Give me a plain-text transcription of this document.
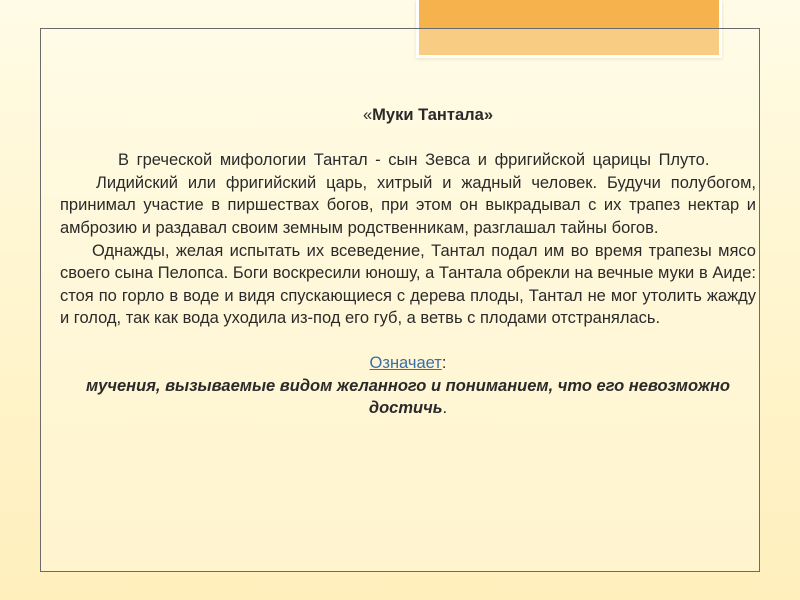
«Муки Тантала»

В греческой мифологии Тантал - сын Зевса и фригийской царицы Плуто.

Лидийский или фригийский царь, хитрый и жадный человек. Будучи полубогом, принимал участие в пиршествах богов, при этом он выкрадывал с их трапез нектар и амброзию и раздавал своим земным родственникам, разглашал тайны богов.

Однажды, желая испытать их всеведение, Тантал подал им во время трапезы мясо своего сына Пелопса. Боги воскресили юношу, а Тантала обрекли на вечные муки в Аиде: стоя по горло в воде и видя спускающиеся с дерева плоды, Тантал не мог утолить жажду и голод, так как вода уходила из-под его губ, а ветвь с плодами отстранялась.

Означает:
мучения, вызываемые видом желанного и пониманием, что его невозможно достичь.
